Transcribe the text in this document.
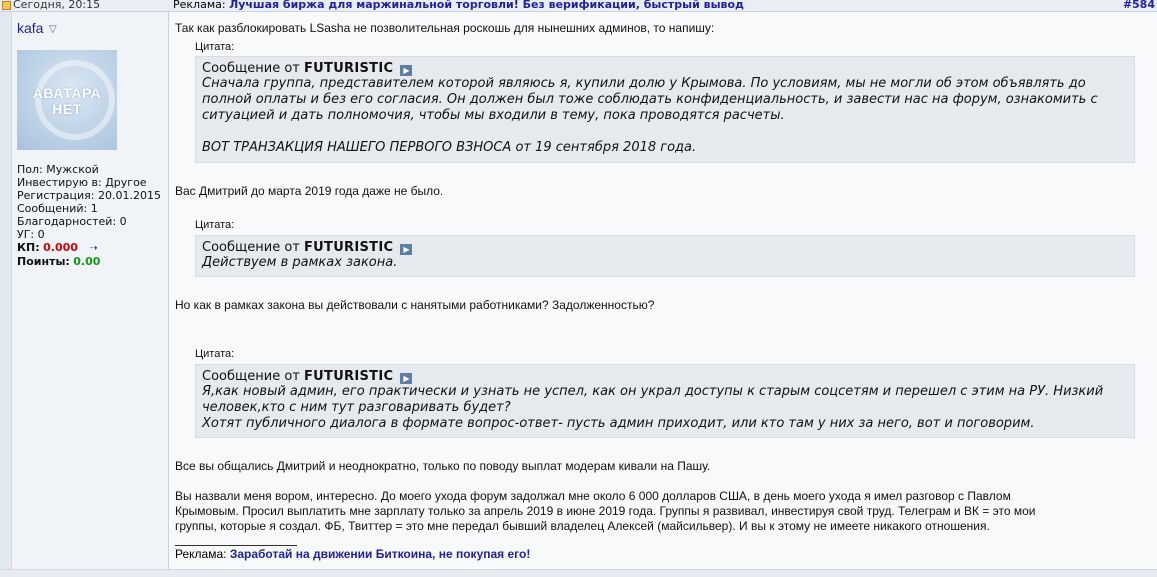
Сегодня, 20:15	Реклама: Лучшая биржа для маржинальной торговли! Без верификации, быстрый вывод	#584
kafa ▽
АВАТАРА
НЕТ
Пол: Мужской
Инвестирую в: Другое
Регистрация: 20.01.2015
Сообщений: 1
Благодарностей: 0
УГ: 0
КП: 0.000 ➝
Поинты: 0.00
Так как разблокировать LSasha не позволительная роскошь для нынешних админов, то напишу:
Цитата:
Сообщение от FUTURISTIC ▶
Сначала группа, представителем которой являюсь я, купили долю у Крымова. По условиям, мы не могли об этом объявлять до
полной оплаты и без его согласия. Он должен был тоже соблюдать конфиденциальность, и завести нас на форум, ознакомить с
ситуацией и дать полномочия, чтобы мы входили в тему, пока проводятся расчеты.
ВОТ ТРАНЗАКЦИЯ НАШЕГО ПЕРВОГО ВЗНОСА от 19 сентября 2018 года.
Вас Дмитрий до марта 2019 года даже не было.
Цитата:
Сообщение от FUTURISTIC ▶
Действуем в рамках закона.
Но как в рамках закона вы действовали с нанятыми работниками? Задолженностью?
Цитата:
Сообщение от FUTURISTIC ▶
Я,как новый админ, его практически и узнать не успел, как он украл доступы к старым соцсетям и перешел с этим на РУ. Низкий
человек,кто с ним тут разговаривать будет?
Хотят публичного диалога в формате вопрос-ответ- пусть админ приходит, или кто там у них за него, вот и поговорим.
Все вы общались Дмитрий и неоднократно, только по поводу выплат модерам кивали на Пашу.
Вы назвали меня вором, интересно. До моего ухода форум задолжал мне около 6 000 долларов США, в день моего ухода я имел разговор с Павлом
Крымовым. Просил выплатить мне зарплату только за апрель 2019 в июне 2019 года. Группы я развивал, инвестируя свой труд. Телеграм и ВК = это мои
группы, которые я создал. ФБ, Твиттер = это мне передал бывший владелец Алексей (майсильвер). И вы к этому не имеете никакого отношения.
Реклама: Заработай на движении Биткоина, не покупая его!
